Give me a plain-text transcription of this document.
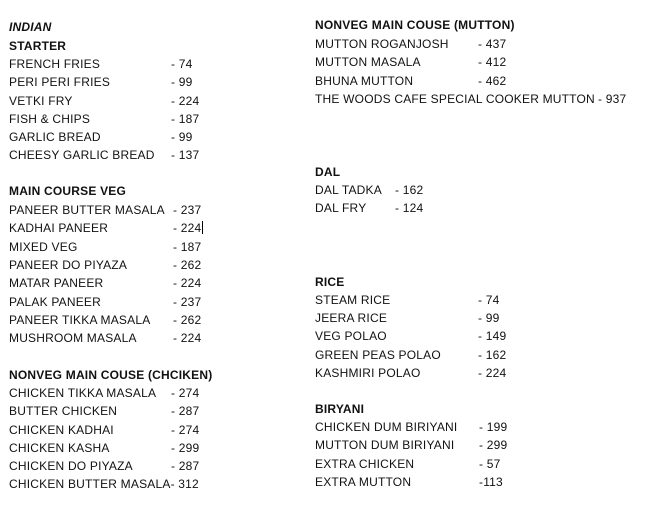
INDIAN
STARTER
FRENCH FRIES	- 74
PERI PERI FRIES	- 99
VETKI FRY	- 224
FISH & CHIPS	- 187
GARLIC BREAD	- 99
CHEESY GARLIC BREAD - 137
MAIN COURSE VEG
PANEER BUTTER MASALA - 237
KADHAI PANEER	- 224
MIXED VEG	- 187
PANEER DO PIYAZA	- 262
MATAR PANEER	- 224
PALAK PANEER	- 237
PANEER TIKKA MASALA - 262
MUSHROOM MASALA	- 224
NONVEG MAIN COUSE (CHCIKEN)
CHICKEN TIKKA MASALA - 274
BUTTER CHICKEN	- 287
CHICKEN KADHAI	- 274
CHICKEN KASHA	- 299
CHICKEN DO PIYAZA	- 287
CHICKEN BUTTER MASALA- 312
NONVEG MAIN COUSE (MUTTON)
MUTTON ROGANJOSH - 437
MUTTON MASALA	- 412
BHUNA MUTTON	- 462
THE WOODS CAFE SPECIAL COOKER MUTTON - 937
DAL
DAL TADKA - 162
DAL FRY - 124
RICE
STEAM RICE	- 74
JEERA RICE	- 99
VEG POLAO	- 149
GREEN PEAS POLAO	- 162
KASHMIRI POLAO	- 224
BIRYANI
CHICKEN DUM BIRIYANI - 199
MUTTON DUM BIRIYANI - 299
EXTRA CHICKEN	- 57
EXTRA MUTTON	-113
